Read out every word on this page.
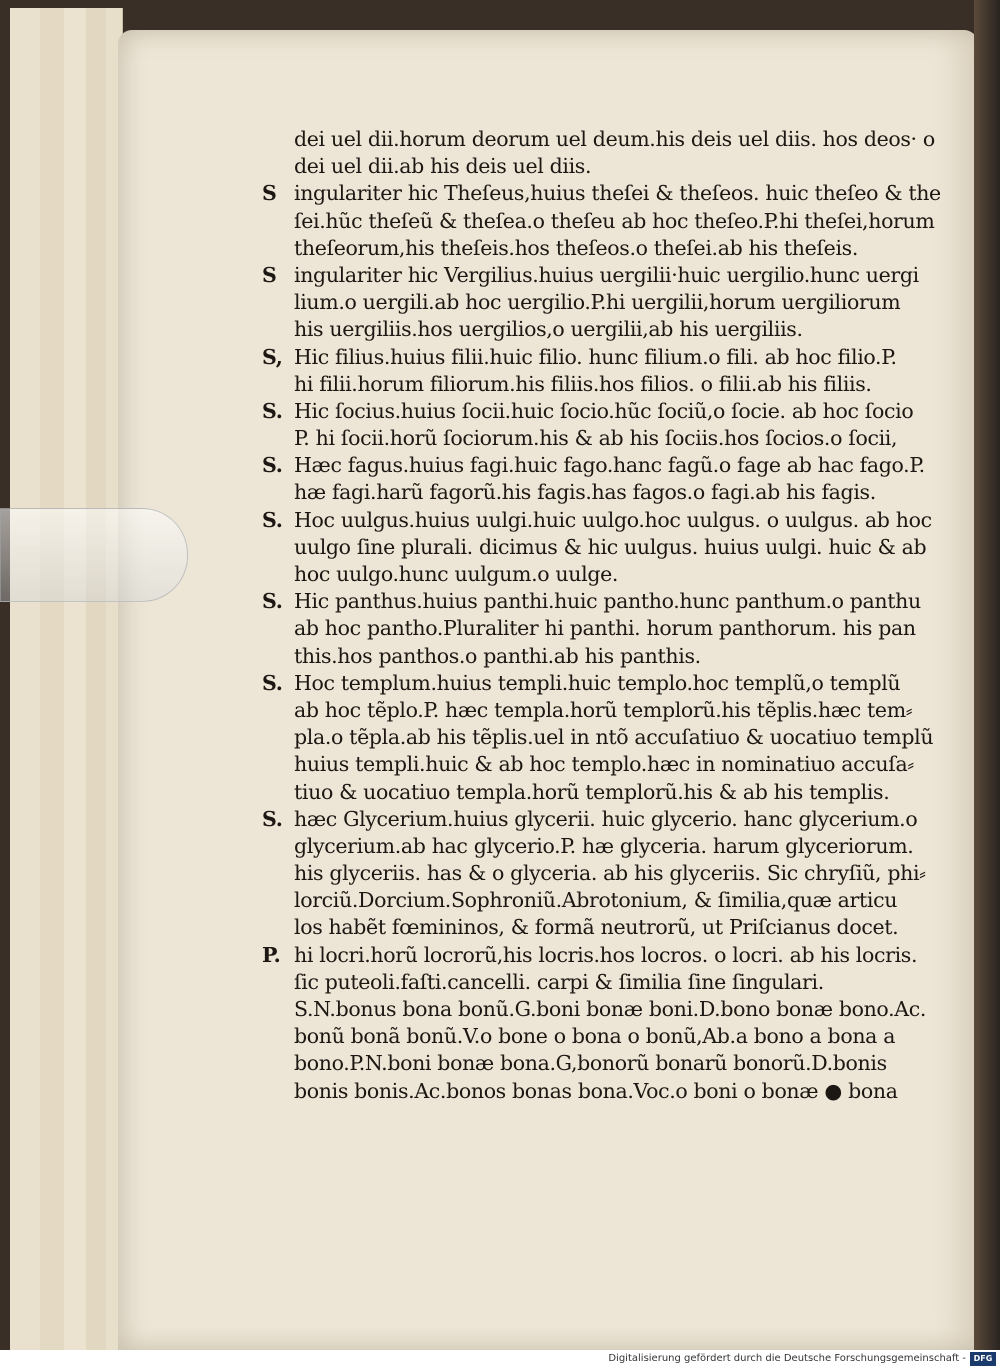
dei uel dii.horum deorum uel deum.his deis uel diis. hos deos· o
dei uel dii.ab his deis uel diis.
S ingulariter hic Theſeus,huius theſei & theſeos. huic theſeo & the
ſei.hũc theſeũ & theſea.o theſeu ab hoc theſeo.P.hi theſei,horum
theſeorum,his theſeis.hos theſeos.o theſei.ab his theſeis.
S ingulariter hic Vergilius.huius uergilii·huic uergilio.hunc uergi
lium.o uergili.ab hoc uergilio.P.hi uergilii,horum uergiliorum
his uergiliis.hos uergilios,o uergilii,ab his uergiliis.
S, Hic filius.huius filii.huic filio. hunc filium.o fili. ab hoc filio.P.
hi filii.horum filiorum.his filiis.hos filios. o filii.ab his filiis.
S. Hic ſocius.huius ſocii.huic ſocio.hũc ſociũ,o ſocie. ab hoc ſocio
P. hi ſocii.horũ ſociorum.his & ab his ſociis.hos ſocios.o ſocii,
S. Hæc fagus.huius fagi.huic fago.hanc fagũ.o fage ab hac fago.P.
hæ fagi.harũ fagorũ.his fagis.has fagos.o fagi.ab his fagis.
S. Hoc uulgus.huius uulgi.huic uulgo.hoc uulgus. o uulgus. ab hoc
uulgo ſine plurali. dicimus & hic uulgus. huius uulgi. huic & ab
hoc uulgo.hunc uulgum.o uulge.
S. Hic panthus.huius panthi.huic pantho.hunc panthum.o panthu
ab hoc pantho.Pluraliter hi panthi. horum panthorum. his pan
this.hos panthos.o panthi.ab his panthis.
S. Hoc templum.huius templi.huic templo.hoc templũ,o templũ
ab hoc tẽplo.P. hæc templa.horũ templorũ.his tẽplis.hæc tem⸗
pla.o tẽpla.ab his tẽplis.uel in ntõ accuſatiuo & uocatiuo templũ
huius templi.huic & ab hoc templo.hæc in nominatiuo accuſa⸗
tiuo & uocatiuo templa.horũ templorũ.his & ab his templis.
S. hæc Glycerium.huius glycerii. huic glycerio. hanc glycerium.o
glycerium.ab hac glycerio.P. hæ glyceria. harum glyceriorum.
his glyceriis. has & o glyceria. ab his glyceriis. Sic chryſiũ, phi⸗
lorciũ.Dorcium.Sophroniũ.Abrotonium, & ſimilia,quæ articu
los habẽt fœmininos, & formã neutrorũ, ut Priſcianus docet.
P. hi locri.horũ locrorũ,his locris.hos locros. o locri. ab his locris.
ſic puteoli.faſti.cancelli. carpi & ſimilia ſine ſingulari.
S.N.bonus bona bonũ.G.boni bonæ boni.D.bono bonæ bono.Ac.
bonũ bonã bonũ.V.o bone o bona o bonũ,Ab.a bono a bona a
bono.P.N.boni bonæ bona.G,bonorũ bonarũ bonorũ.D.bonis
bonis bonis.Ac.bonos bonas bona.Voc.o boni o bonæ ● bona
Digitalisierung gefördert durch die Deutsche Forschungsgemeinschaft - DFG
